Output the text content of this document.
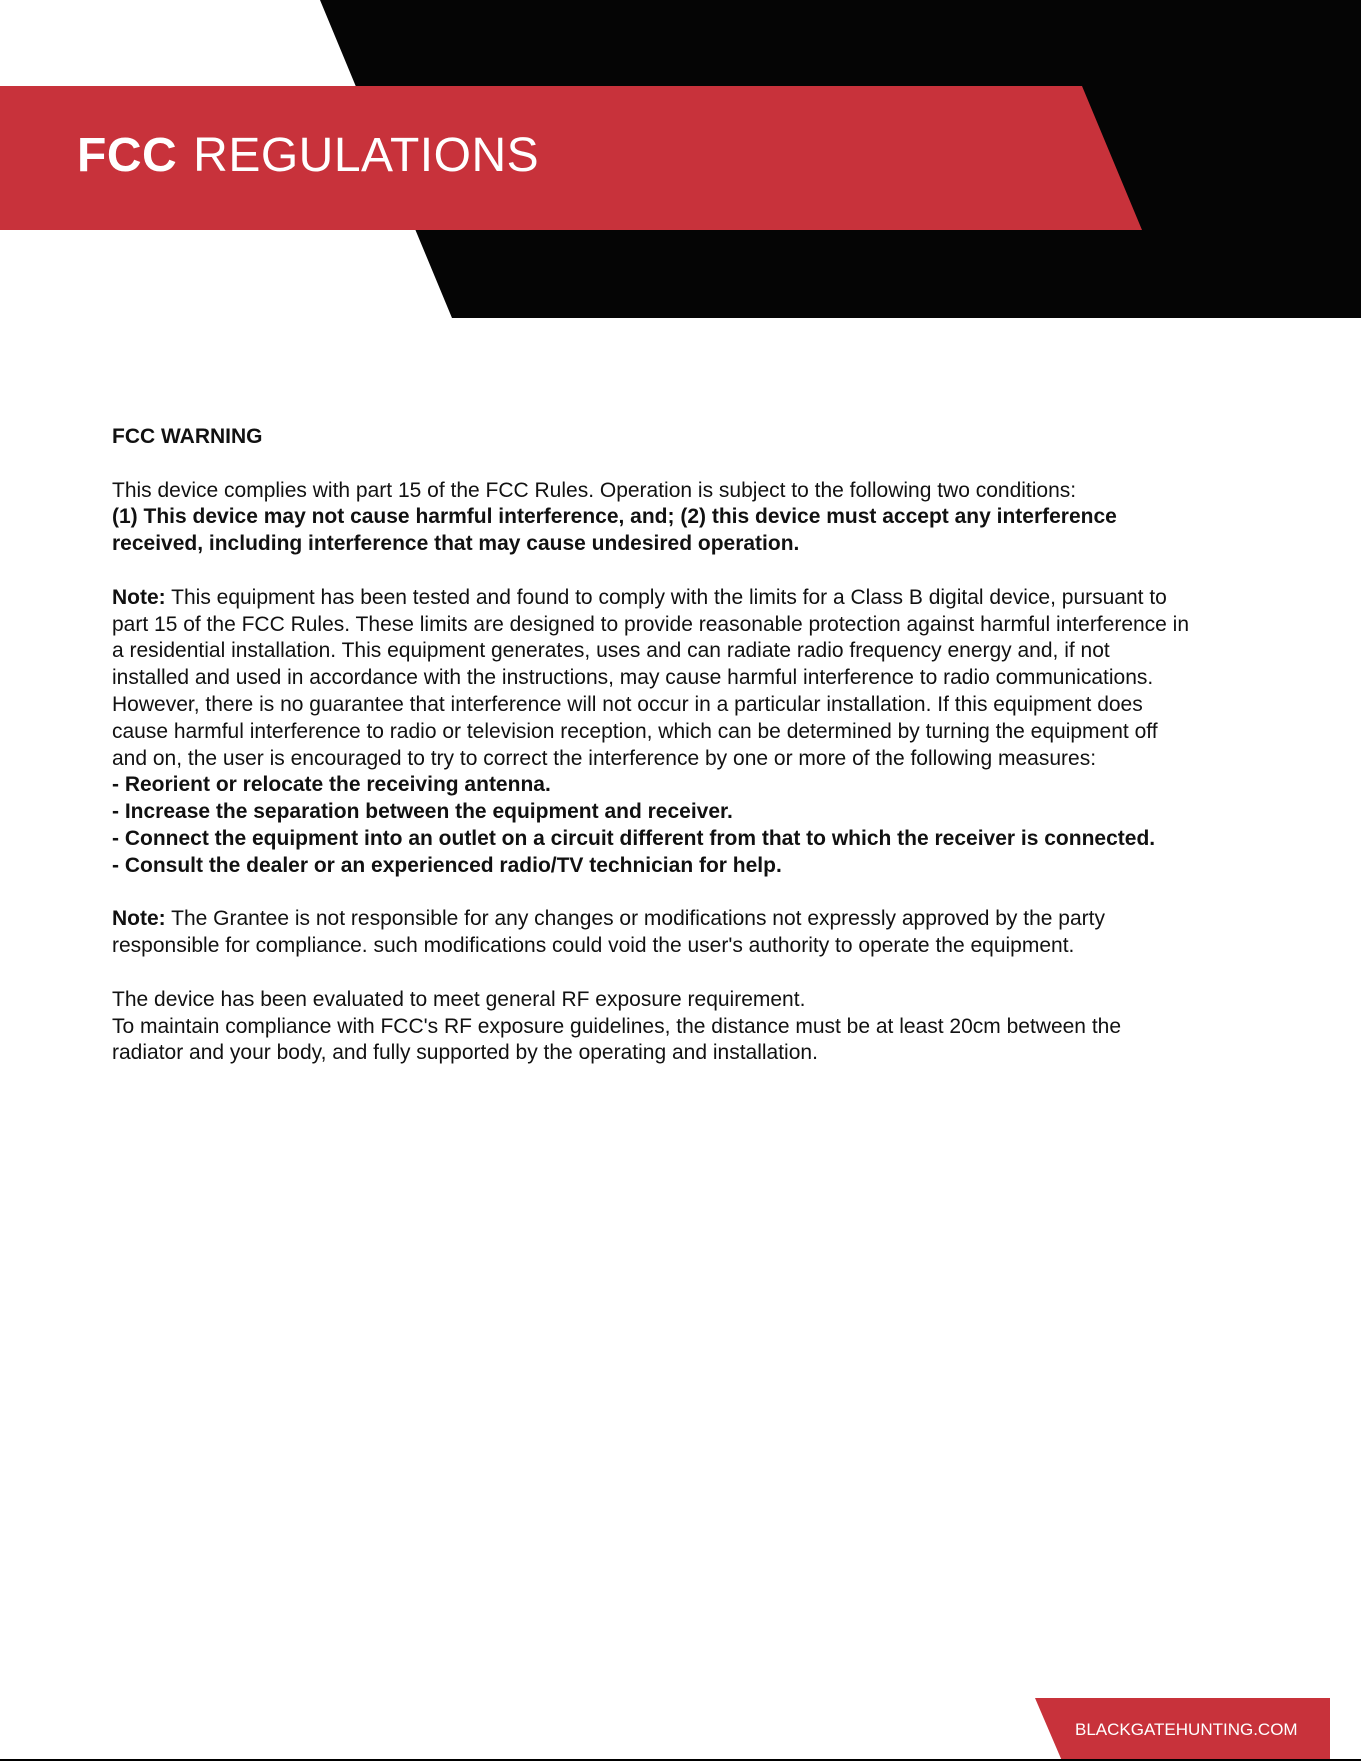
FCC REGULATIONS

FCC WARNING

This device complies with part 15 of the FCC Rules. Operation is subject to the following two conditions:

(1) This device may not cause harmful interference, and; (2) this device must accept any interference received, including interference that may cause undesired operation.

Note: This equipment has been tested and found to comply with the limits for a Class B digital device, pursuant to part 15 of the FCC Rules. These limits are designed to provide reasonable protection against harmful interference in a residential installation. This equipment generates, uses and can radiate radio frequency energy and, if not installed and used in accordance with the instructions, may cause harmful interference to radio communications. However, there is no guarantee that interference will not occur in a particular installation. If this equipment does cause harmful interference to radio or television reception, which can be determined by turning the equipment off and on, the user is encouraged to try to correct the interference by one or more of the following measures:

- Reorient or relocate the receiving antenna.

- Increase the separation between the equipment and receiver.

- Connect the equipment into an outlet on a circuit different from that to which the receiver is connected.

- Consult the dealer or an experienced radio/TV technician for help.

Note: The Grantee is not responsible for any changes or modifications not expressly approved by the party responsible for compliance. such modifications could void the user's authority to operate the equipment.

The device has been evaluated to meet general RF exposure requirement.

To maintain compliance with FCC's RF exposure guidelines, the distance must be at least 20cm between the radiator and your body, and fully supported by the operating and installation.

BLACKGATEHUNTING.COM
